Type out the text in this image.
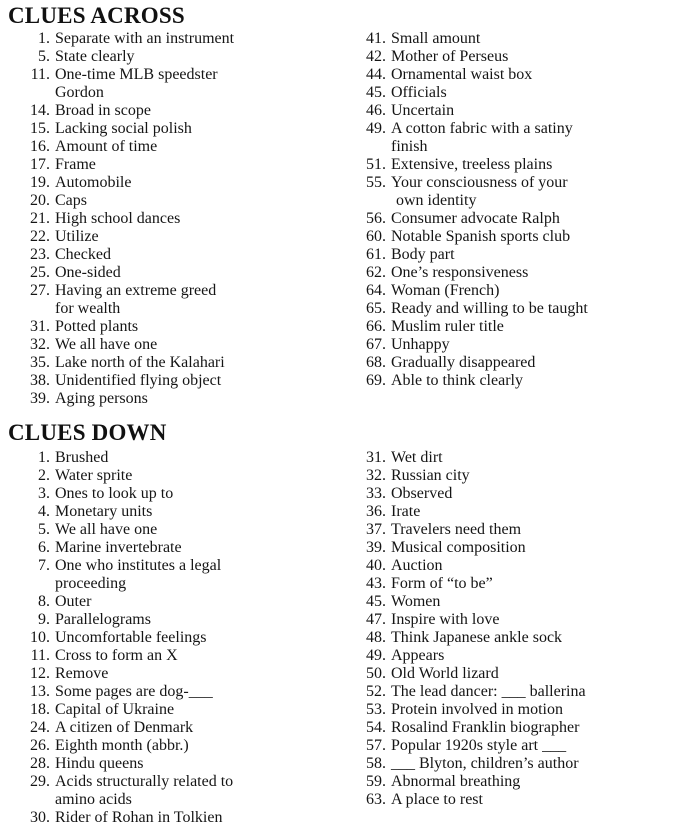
CLUES ACROSS
1. Separate with an instrument
5. State clearly
11. One-time MLB speedster
Gordon
14. Broad in scope
15. Lacking social polish
16. Amount of time
17. Frame
19. Automobile
20. Caps
21. High school dances
22. Utilize
23. Checked
25. One-sided
27. Having an extreme greed
for wealth
31. Potted plants
32. We all have one
35. Lake north of the Kalahari
38. Unidentified flying object
39. Aging persons
41. Small amount
42. Mother of Perseus
44. Ornamental waist box
45. Officials
46. Uncertain
49. A cotton fabric with a satiny
finish
51. Extensive, treeless plains
55. Your consciousness of your
own identity
56. Consumer advocate Ralph
60. Notable Spanish sports club
61. Body part
62. One’s responsiveness
64. Woman (French)
65. Ready and willing to be taught
66. Muslim ruler title
67. Unhappy
68. Gradually disappeared
69. Able to think clearly
CLUES DOWN
1. Brushed
2. Water sprite
3. Ones to look up to
4. Monetary units
5. We all have one
6. Marine invertebrate
7. One who institutes a legal
proceeding
8. Outer
9. Parallelograms
10. Uncomfortable feelings
11. Cross to form an X
12. Remove
13. Some pages are dog-___
18. Capital of Ukraine
24. A citizen of Denmark
26. Eighth month (abbr.)
28. Hindu queens
29. Acids structurally related to
amino acids
30. Rider of Rohan in Tolkien
31. Wet dirt
32. Russian city
33. Observed
36. Irate
37. Travelers need them
39. Musical composition
40. Auction
43. Form of “to be”
45. Women
47. Inspire with love
48. Think Japanese ankle sock
49. Appears
50. Old World lizard
52. The lead dancer: ___ ballerina
53. Protein involved in motion
54. Rosalind Franklin biographer
57. Popular 1920s style art ___
58. ___ Blyton, children’s author
59. Abnormal breathing
63. A place to rest
